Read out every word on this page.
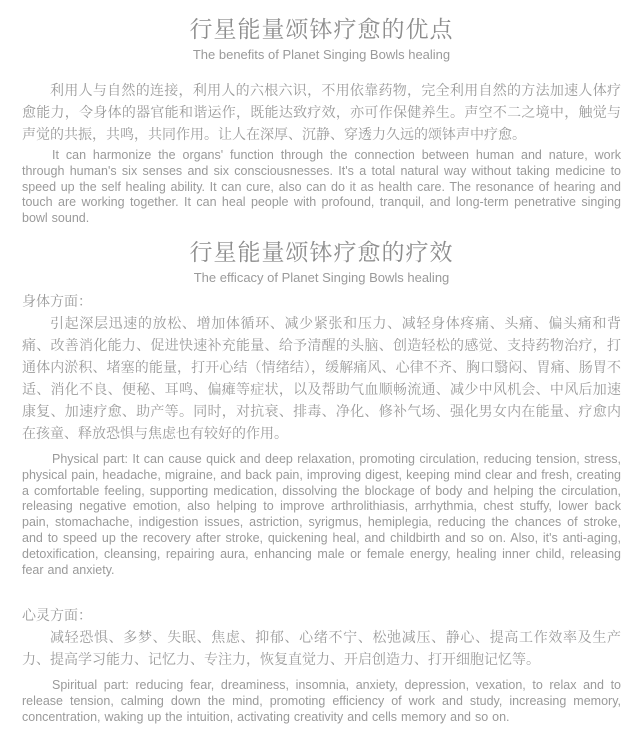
行星能量颂钵疗愈的优点
The benefits of Planet Singing Bowls healing

利用人与自然的连接，利用人的六根六识，不用依靠药物，完全利用自然的方法加速人体疗愈能力，令身体的器官能和谐运作，既能达致疗效，亦可作保健养生。声空不二之境中，触觉与声觉的共振，共鸣，共同作用。让人在深厚、沉静、穿透力久远的颂钵声中疗愈。

It can harmonize the organs' function through the connection between human and nature, work through human's six senses and six consciousnesses. It's a total natural way without taking medicine to speed up the self healing ability. It can cure, also can do it as health care. The resonance of hearing and touch are working together. It can heal people with profound, tranquil, and long-term penetrative singing bowl sound.

行星能量颂钵疗愈的疗效
The efficacy of Planet Singing Bowls healing
身体方面：

引起深层迅速的放松、增加体循环、减少紧张和压力、减轻身体疼痛、头痛、偏头痛和背痛、改善消化能力、促进快速补充能量、给予清醒的头脑、创造轻松的感觉、支持药物治疗，打通体内淤积、堵塞的能量，打开心结（情绪结），缓解痛风、心律不齐、胸口翳闷、胃痛、肠胃不适、消化不良、便秘、耳鸣、偏瘫等症状，以及帮助气血顺畅流通、减少中风机会、中风后加速康复、加速疗愈、助产等。同时，对抗衰、排毒、净化、修补气场、强化男女内在能量、疗愈内在孩童、释放恐惧与焦虑也有较好的作用。

Physical part: It can cause quick and deep relaxation, promoting circulation, reducing tension, stress, physical pain, headache, migraine, and back pain, improving digest, keeping mind clear and fresh, creating a comfortable feeling, supporting medication, dissolving the blockage of body and helping the circulation, releasing negative emotion, also helping to improve arthrolithiasis, arrhythmia, chest stuffy, lower back pain, stomachache, indigestion issues, astriction, syrigmus, hemiplegia, reducing the chances of stroke, and to speed up the recovery after stroke, quickening heal, and childbirth and so on. Also, it's anti-aging, detoxification, cleansing, repairing aura, enhancing male or female energy, healing inner child, releasing fear and anxiety.

心灵方面：

减轻恐惧、多梦、失眠、焦虑、抑郁、心绪不宁、松弛减压、静心、提高工作效率及生产力、提高学习能力、记忆力、专注力，恢复直觉力、开启创造力、打开细胞记忆等。

Spiritual part: reducing fear, dreaminess, insomnia, anxiety, depression, vexation, to relax and to release tension, calming down the mind, promoting efficiency of work and study, increasing memory, concentration, waking up the intuition, activating creativity and cells memory and so on.
